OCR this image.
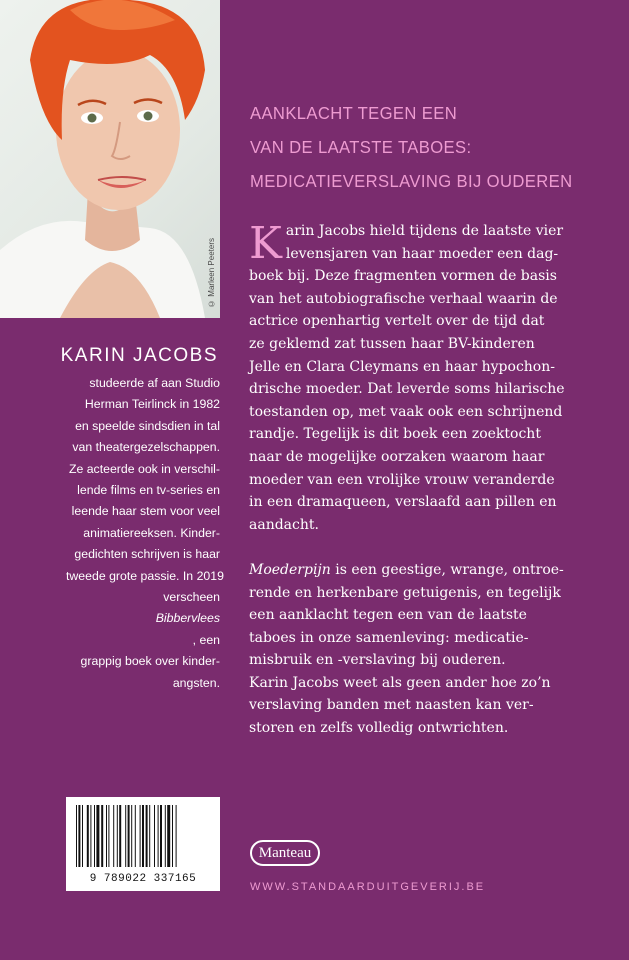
© Marleen Peeters
AANKLACHT TEGEN EEN
VAN DE LAATSTE TABOES:
MEDICATIEVERSLAVING BIJ OUDEREN
K arin Jacobs hield tijdens de laatste vier
levensjaren van haar moeder een dag-
boek bij. Deze fragmenten vormen de basis
van het autobiografische verhaal waarin de
actrice openhartig vertelt over de tijd dat
ze geklemd zat tussen haar BV-kinderen
Jelle en Clara Cleymans en haar hypochon-
drische moeder. Dat leverde soms hilarische
toestanden op, met vaak ook een schrijnend
randje. Tegelijk is dit boek een zoektocht
naar de mogelijke oorzaken waarom haar
moeder van een vrolijke vrouw veranderde
in een dramaqueen, verslaafd aan pillen en
aandacht.
Moederpijn is een geestige, wrange, ontroe-
rende en herkenbare getuigenis, en tegelijk
een aanklacht tegen een van de laatste
taboes in onze samenleving: medicatie-
misbruik en -verslaving bij ouderen.
Karin Jacobs weet als geen ander hoe zo’n
verslaving banden met naasten kan ver-
storen en zelfs volledig ontwrichten.
KARIN JACOBS

studeerde af aan Studio
Herman Teirlinck in 1982
en speelde sindsdien in tal
van theatergezelschappen.
Ze acteerde ook in verschil-
lende films en tv-series en
leende haar stem voor veel
animatiereeksen. Kinder-
gedichten schrijven is haar
tweede grote passie. In 2019
verscheen
Bibbervlees
, een
grappig boek over kinder-
angsten.

9 789022 337165
Manteau
WWW.STANDAARDUITGEVERIJ.BE
